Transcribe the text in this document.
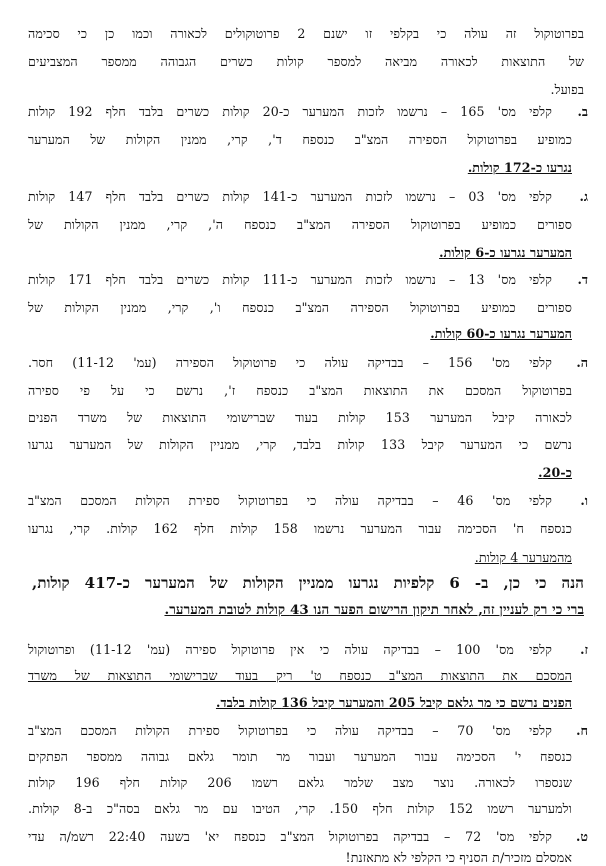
בפרוטוקול זה עולה כי בקלפי זו ישנם 2 פרוטוקולים לכאורה וכמו כן כי סכימה
של התוצאות לכאורה מביאה למספר קולות כשרים הגבוהה ממספר המצביעים
בפועל.
ב.
קלפי מס' 165 – נרשמו לזכות המערער כ-20 קולות כשרים בלבד חלף 192 קולות
כמופיע בפרוטוקול הספירה המצ"ב כנספח ד', קרי, ממנין הקולות של המערער
נגרעו כ-172 קולות.
ג.
קלפי מס' 03 – נרשמו לזכות המערער כ-141 קולות כשרים בלבד חלף 147 קולות
ספורים כמופיע בפרוטוקול הספירה המצ"ב כנספח ה', קרי, ממנין הקולות של
המערער נגרעו כ-6 קולות.
ד.
קלפי מס' 13 – נרשמו לזכות המערער כ-111 קולות כשרים בלבד חלף 171 קולות
ספורים כמופיע בפרוטוקול הספירה המצ"ב כנספח ו', קרי, ממנין הקולות של
המערער נגרעו כ-60 קולות.
ה.
קלפי מס' 156 – בבדיקה עולה כי פרוטוקול הספירה (עמ' 11-12) חסר.
בפרוטוקול המסכם את התוצאות המצ"ב כנספח ז', נרשם כי על פי ספירה
לכאורה קיבל המערער 153 קולות בעוד שברישומי התוצאות של משרד הפנים
נרשם כי המערער קיבל 133 קולות בלבד, קרי, ממניין הקולות של המערער נגרעו
כ-20.
ו.
קלפי מס' 46 – בבדיקה עולה כי בפרוטוקול ספירת הקולות המסכם המצ"ב
כנספח ח' הסכימה עבור המערער נרשמו 158 קולות חלף 162 קולות. קרי, נגרעו
מהמערער 4 קולות.
הנה כי כן, ב- 6 קלפיות נגרעו ממניין הקולות של המערער כ-417 קולות,
ברי כי רק לעניין זה, לאחר תיקון הרישום הפער הנו 43 קולות לטובת המערער.
ז.
קלפי מס' 100 – בבדיקה עולה כי אין פרוטוקול ספירה (עמ' 11-12) ופרוטוקול
המסכם את התוצאות המצ"ב כנספח ט' ריק בעוד שברישומי התוצאות של משרד
הפנים נרשם כי מר גלאם קיבל 205 והמערער קיבל 136 קולות בלבד.
ח.
קלפי מס' 70 – בבדיקה עולה כי בפרוטוקול ספירת הקולות המסכם המצ"ב
כנספח י' הסכימה עבור המערער ועבור מר תומר גלאם גבוהה ממספר הפתקים
שנספרו לכאורה. נוצר מצב שלמר גלאם רשמו 206 קולות חלף 196 קולות
ולמערער רשמו 152 קולות חלף 150. קרי, הטיבו עם מר גלאם בסה"כ ב-8 קולות.
ט.
קלפי מס' 72 – בבדיקה בפרוטוקול המצ"ב כנספח יא' בשעה 22:40 רשמ/ה עדי
אמסלם מזכיר/ת הסניף כי הקלפי לא מתאזנת!
